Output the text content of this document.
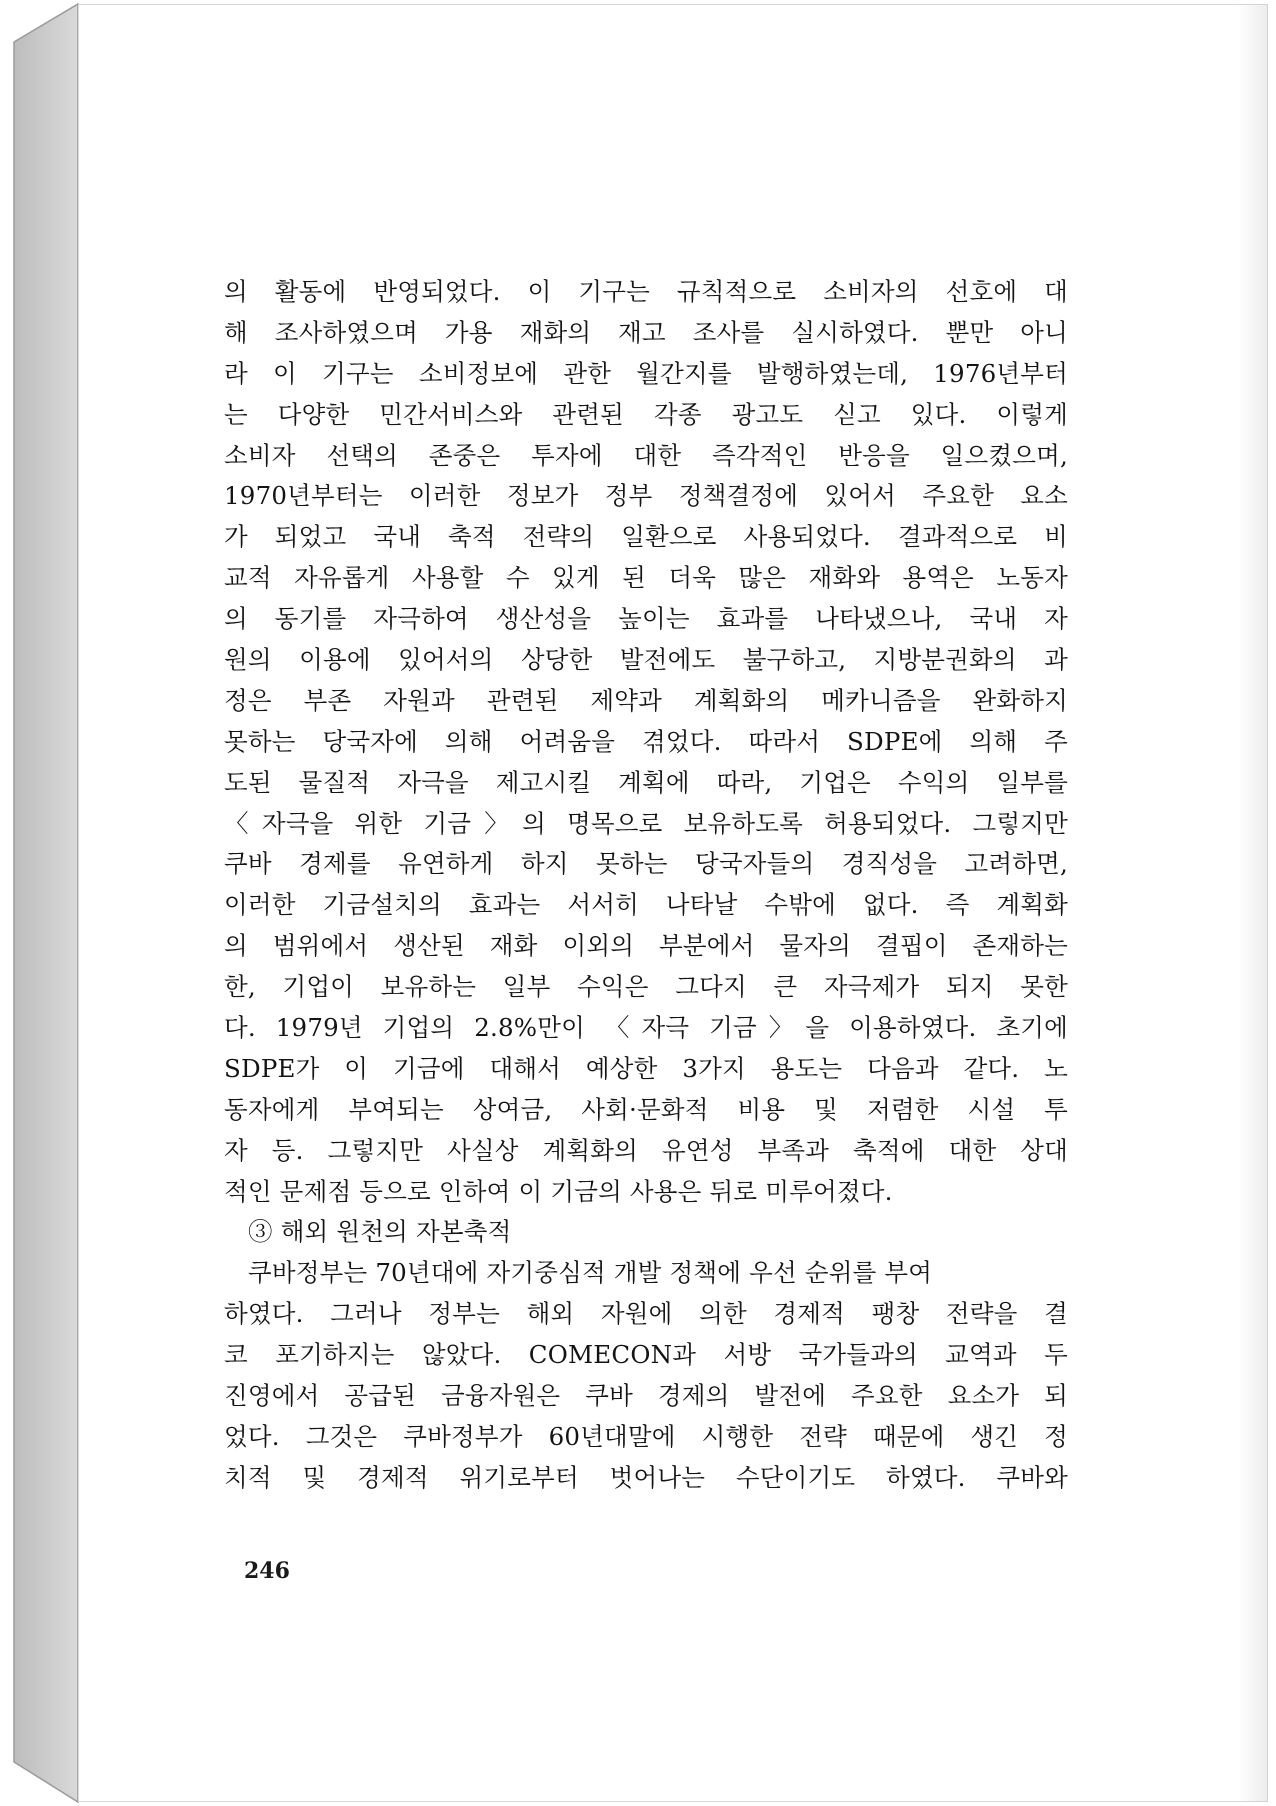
의 활동에 반영되었다. 이 기구는 규칙적으로 소비자의 선호에 대
해 조사하였으며 가용 재화의 재고 조사를 실시하였다. 뿐만 아니
라 이 기구는 소비정보에 관한 월간지를 발행하였는데, 1976년부터
는 다양한 민간서비스와 관련된 각종 광고도 싣고 있다. 이렇게
소비자 선택의 존중은 투자에 대한 즉각적인 반응을 일으켰으며,
1970년부터는 이러한 정보가 정부 정책결정에 있어서 주요한 요소
가 되었고 국내 축적 전략의 일환으로 사용되었다. 결과적으로 비
교적 자유롭게 사용할 수 있게 된 더욱 많은 재화와 용역은 노동자
의 동기를 자극하여 생산성을 높이는 효과를 나타냈으나, 국내 자
원의 이용에 있어서의 상당한 발전에도 불구하고, 지방분권화의 과
정은 부존 자원과 관련된 제약과 계획화의 메카니즘을 완화하지
못하는 당국자에 의해 어려움을 겪었다. 따라서 SDPE에 의해 주
도된 물질적 자극을 제고시킬 계획에 따라, 기업은 수익의 일부를
〈자극을 위한 기금〉의 명목으로 보유하도록 허용되었다. 그렇지만
쿠바 경제를 유연하게 하지 못하는 당국자들의 경직성을 고려하면,
이러한 기금설치의 효과는 서서히 나타날 수밖에 없다. 즉 계획화
의 범위에서 생산된 재화 이외의 부분에서 물자의 결핍이 존재하는
한, 기업이 보유하는 일부 수익은 그다지 큰 자극제가 되지 못한
다. 1979년 기업의 2.8%만이 〈자극 기금〉을 이용하였다. 초기에
SDPE가 이 기금에 대해서 예상한 3가지 용도는 다음과 같다. 노
동자에게 부여되는 상여금, 사회·문화적 비용 및 저렴한 시설 투
자 등. 그렇지만 사실상 계획화의 유연성 부족과 축적에 대한 상대
적인 문제점 등으로 인하여 이 기금의 사용은 뒤로 미루어졌다.
③ 해외 원천의 자본축적
쿠바정부는 70년대에 자기중심적 개발 정책에 우선 순위를 부여
하였다. 그러나 정부는 해외 자원에 의한 경제적 팽창 전략을 결
코 포기하지는 않았다. COMECON과 서방 국가들과의 교역과 두
진영에서 공급된 금융자원은 쿠바 경제의 발전에 주요한 요소가 되
었다. 그것은 쿠바정부가 60년대말에 시행한 전략 때문에 생긴 정
치적 및 경제적 위기로부터 벗어나는 수단이기도 하였다. 쿠바와
246
